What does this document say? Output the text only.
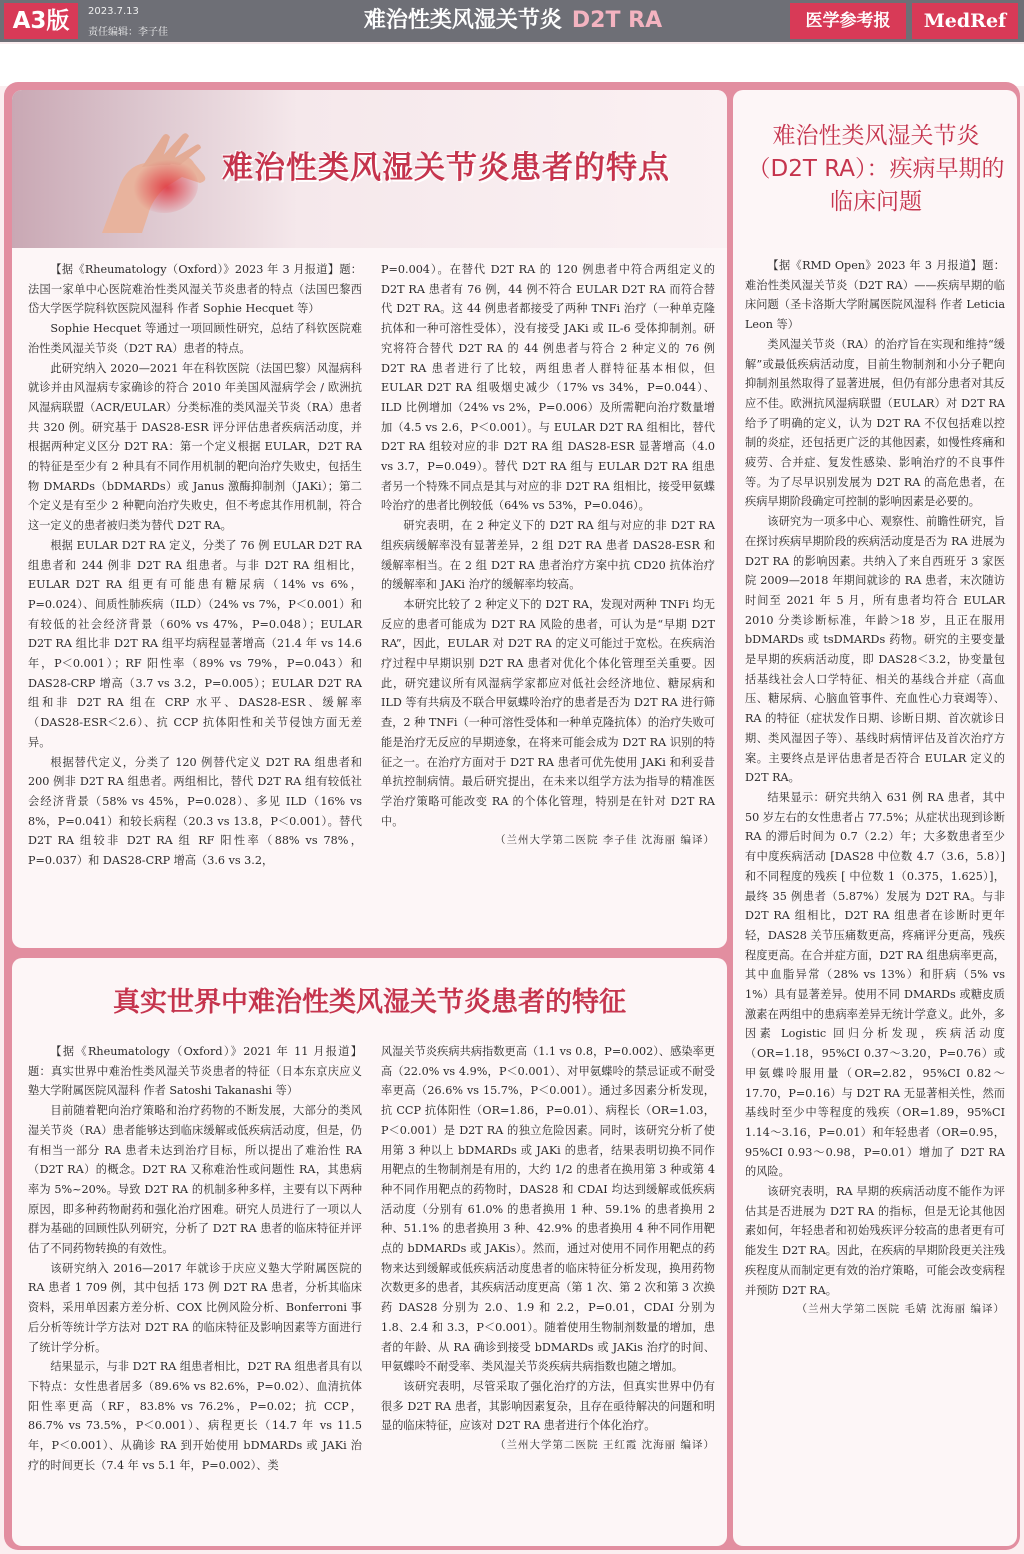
A3版	2023.7.13
责任编辑：李子佳	难治性类风湿关节炎 D2T RA	医学参考报	MedRef
难治性类风湿关节炎患者的特点

【据《Rheumatology（Oxford）》2023 年 3 月报道】题：法国一家单中心医院难治性类风湿关节炎患者的特点（法国巴黎西岱大学医学院科钦医院风湿科 作者 Sophie Hecquet 等）

Sophie Hecquet 等通过一项回顾性研究，总结了科钦医院难治性类风湿关节炎（D2T RA）患者的特点。

此研究纳入 2020—2021 年在科钦医院（法国巴黎）风湿病科就诊并由风湿病专家确诊的符合 2010 年美国风湿病学会 / 欧洲抗风湿病联盟（ACR/EULAR）分类标准的类风湿关节炎（RA）患者共 320 例。研究基于 DAS28-ESR 评分评估患者疾病活动度，并根据两种定义区分 D2T RA：第一个定义根据 EULAR，D2T RA 的特征是至少有 2 种具有不同作用机制的靶向治疗失败史，包括生物 DMARDs（bDMARDs）或 Janus 激酶抑制剂（JAKi）；第二个定义是有至少 2 种靶向治疗失败史，但不考虑其作用机制，符合这一定义的患者被归类为替代 D2T RA。

根据 EULAR D2T RA 定义，分类了 76 例 EULAR D2T RA 组患者和 244 例非 D2T RA 组患者。与非 D2T RA 组相比，EULAR D2T RA 组更有可能患有糖尿病（14% vs 6%，P=0.024）、间质性肺疾病（ILD）（24% vs 7%，P＜0.001）和有较低的社会经济背景（60% vs 47%，P=0.048）；EULAR D2T RA 组比非 D2T RA 组平均病程显著增高（21.4 年 vs 14.6 年，P＜0.001）；RF 阳性率（89% vs 79%，P=0.043）和 DAS28-CRP 增高（3.7 vs 3.2，P=0.005）；EULAR D2T RA 组和非 D2T RA 组在 CRP 水平、DAS28-ESR、缓解率（DAS28-ESR＜2.6）、抗 CCP 抗体阳性和关节侵蚀方面无差异。

根据替代定义，分类了 120 例替代定义 D2T RA 组患者和 200 例非 D2T RA 组患者。两组相比，替代 D2T RA 组有较低社会经济背景（58% vs 45%，P=0.028）、多见 ILD（16% vs 8%，P=0.041）和较长病程（20.3 vs 13.8，P＜0.001）。替代 D2T RA 组较非 D2T RA 组 RF 阳性率（88% vs 78%，P=0.037）和 DAS28-CRP 增高（3.6 vs 3.2，

P=0.004）。在替代 D2T RA 的 120 例患者中符合两组定义的 D2T RA 患者有 76 例，44 例不符合 EULAR D2T RA 而符合替代 D2T RA。这 44 例患者都接受了两种 TNFi 治疗（一种单克隆抗体和一种可溶性受体），没有接受 JAKi 或 IL-6 受体抑制剂。研究将符合替代 D2T RA 的 44 例患者与符合 2 种定义的 76 例 D2T RA 患者进行了比较，两组患者人群特征基本相似，但 EULAR D2T RA 组吸烟史减少（17% vs 34%，P=0.044）、ILD 比例增加（24% vs 2%，P=0.006）及所需靶向治疗数量增加（4.5 vs 2.6，P＜0.001）。与 EULAR D2T RA 组相比，替代 D2T RA 组较对应的非 D2T RA 组 DAS28-ESR 显著增高（4.0 vs 3.7，P=0.049）。替代 D2T RA 组与 EULAR D2T RA 组患者另一个特殊不同点是其与对应的非 D2T RA 组相比，接受甲氨蝶呤治疗的患者比例较低（64% vs 53%，P=0.046）。

研究表明，在 2 种定义下的 D2T RA 组与对应的非 D2T RA 组疾病缓解率没有显著差异，2 组 D2T RA 患者 DAS28-ESR 和缓解率相当。在 2 组 D2T RA 患者治疗方案中抗 CD20 抗体治疗的缓解率和 JAKi 治疗的缓解率均较高。

本研究比较了 2 种定义下的 D2T RA，发现对两种 TNFi 均无反应的患者可能成为 D2T RA 风险的患者，可认为是“早期 D2T RA”，因此，EULAR 对 D2T RA 的定义可能过于宽松。在疾病治疗过程中早期识别 D2T RA 患者对优化个体化管理至关重要。因此，研究建议所有风湿病学家都应对低社会经济地位、糖尿病和 ILD 等有共病及不联合甲氨蝶呤治疗的患者是否为 D2T RA 进行筛查，2 种 TNFi（一种可溶性受体和一种单克隆抗体）的治疗失败可能是治疗无反应的早期迹象，在将来可能会成为 D2T RA 识别的特征之一。在治疗方面对于 D2T RA 患者可优先使用 JAKi 和利妥昔单抗控制病情。最后研究提出，在未来以组学方法为指导的精准医学治疗策略可能改变 RA 的个体化管理，特别是在针对 D2T RA 中。

（兰州大学第二医院 李子佳 沈海丽 编译）
真实世界中难治性类风湿关节炎患者的特征

【据《Rheumatology（Oxford）》2021 年 11 月报道】题：真实世界中难治性类风湿关节炎患者的特征（日本东京庆应义塾大学附属医院风湿科 作者 Satoshi Takanashi 等）

目前随着靶向治疗策略和治疗药物的不断发展，大部分的类风湿关节炎（RA）患者能够达到临床缓解或低疾病活动度，但是，仍有相当一部分 RA 患者未达到治疗目标，所以提出了难治性 RA（D2T RA）的概念。D2T RA 又称难治性或问题性 RA，其患病率为 5%~20%。导致 D2T RA 的机制多种多样，主要有以下两种原因，即多种药物耐药和强化治疗困难。研究人员进行了一项以人群为基础的回顾性队列研究，分析了 D2T RA 患者的临床特征并评估了不同药物转换的有效性。

该研究纳入 2016—2017 年就诊于庆应义塾大学附属医院的 RA 患者 1 709 例，其中包括 173 例 D2T RA 患者，分析其临床资料，采用单因素方差分析、COX 比例风险分析、Bonferroni 事后分析等统计学方法对 D2T RA 的临床特征及影响因素等方面进行了统计学分析。

结果显示，与非 D2T RA 组患者相比，D2T RA 组患者具有以下特点：女性患者居多（89.6% vs 82.6%，P=0.02）、血清抗体阳性率更高（RF，83.8% vs 76.2%，P=0.02；抗 CCP，86.7% vs 73.5%，P＜0.001）、病程更长（14.7 年 vs 11.5 年，P＜0.001）、从确诊 RA 到开始使用 bDMARDs 或 JAKi 治疗的时间更长（7.4 年 vs 5.1 年，P=0.002）、类

风湿关节炎疾病共病指数更高（1.1 vs 0.8，P=0.002）、感染率更高（22.0% vs 4.9%，P＜0.001）、对甲氨蝶呤的禁忌证或不耐受率更高（26.6% vs 15.7%，P＜0.001）。通过多因素分析发现，抗 CCP 抗体阳性（OR=1.86，P=0.01）、病程长（OR=1.03，P＜0.001）是 D2T RA 的独立危险因素。同时，该研究分析了使用第 3 种以上 bDMARDs 或 JAKi 的患者，结果表明切换不同作用靶点的生物制剂是有用的，大约 1/2 的患者在换用第 3 种或第 4 种不同作用靶点的药物时，DAS28 和 CDAI 均达到缓解或低疾病活动度（分别有 61.0% 的患者换用 1 种、59.1% 的患者换用 2 种、51.1% 的患者换用 3 种、42.9% 的患者换用 4 种不同作用靶点的 bDMARDs 或 JAKis）。然而，通过对使用不同作用靶点的药物来达到缓解或低疾病活动度患者的临床特征分析发现，换用药物次数更多的患者，其疾病活动度更高（第 1 次、第 2 次和第 3 次换药 DAS28 分别为 2.0、1.9 和 2.2，P=0.01，CDAI 分别为 1.8、2.4 和 3.3，P＜0.001）。随着使用生物制剂数量的增加，患者的年龄、从 RA 确诊到接受 bDMARDs 或 JAKis 治疗的时间、甲氨蝶呤不耐受率、类风湿关节炎疾病共病指数也随之增加。

该研究表明，尽管采取了强化治疗的方法，但真实世界中仍有很多 D2T RA 患者，其影响因素复杂，且存在亟待解决的问题和明显的临床特征，应该对 D2T RA 患者进行个体化治疗。

（兰州大学第二医院 王红霞 沈海丽 编译）
难治性类风湿关节炎（D2T RA）：疾病早期的临床问题

【据《RMD Open》2023 年 3 月报道】题：难治性类风湿关节炎（D2T RA）——疾病早期的临床问题（圣卡洛斯大学附属医院风湿科 作者 Leticia Leon 等）

类风湿关节炎（RA）的治疗旨在实现和维持“缓解”或最低疾病活动度，目前生物制剂和小分子靶向抑制剂虽然取得了显著进展，但仍有部分患者对其反应不佳。欧洲抗风湿病联盟（EULAR）对 D2T RA 给予了明确的定义，认为 D2T RA 不仅包括难以控制的炎症，还包括更广泛的其他因素，如慢性疼痛和疲劳、合并症、复发性感染、影响治疗的不良事件等。为了尽早识别发展为 D2T RA 的高危患者，在疾病早期阶段确定可控制的影响因素是必要的。

该研究为一项多中心、观察性、前瞻性研究，旨在探讨疾病早期阶段的疾病活动度是否为 RA 进展为 D2T RA 的影响因素。共纳入了来自西班牙 3 家医院 2009—2018 年期间就诊的 RA 患者，末次随访时间至 2021 年 5 月，所有患者均符合 EULAR 2010 分类诊断标准，年龄＞18 岁，且正在服用 bDMARDs 或 tsDMARDs 药物。研究的主要变量是早期的疾病活动度，即 DAS28＜3.2，协变量包括基线社会人口学特征、相关的基线合并症（高血压、糖尿病、心脑血管事件、充血性心力衰竭等）、RA 的特征（症状发作日期、诊断日期、首次就诊日期、类风湿因子等）、基线时病情评估及首次治疗方案。主要终点是评估患者是否符合 EULAR 定义的 D2T RA。

结果显示：研究共纳入 631 例 RA 患者，其中 50 岁左右的女性患者占 77.5%；从症状出现到诊断 RA 的滞后时间为 0.7（2.2）年；大多数患者至少有中度疾病活动 [DAS28 中位数 4.7（3.6，5.8）] 和不同程度的残疾 [ 中位数 1（0.375，1.625）]，最终 35 例患者（5.87%）发展为 D2T RA。与非 D2T RA 组相比，D2T RA 组患者在诊断时更年轻，DAS28 关节压痛数更高，疼痛评分更高，残疾程度更高。在合并症方面，D2T RA 组患病率更高，其中血脂异常（28% vs 13%）和肝病（5% vs 1%）具有显著差异。使用不同 DMARDs 或糖皮质激素在两组中的患病率差异无统计学意义。此外，多因素 Logistic 回归分析发现，疾病活动度（OR=1.18，95%CI 0.37～3.20，P=0.76）或甲氨蝶呤服用量（OR=2.82，95%CI 0.82～17.70，P=0.16）与 D2T RA 无显著相关性，然而基线时至少中等程度的残疾（OR=1.89，95%CI 1.14～3.16，P=0.01）和年轻患者（OR=0.95，95%CI 0.93～0.98，P=0.01）增加了 D2T RA 的风险。

该研究表明，RA 早期的疾病活动度不能作为评估其是否进展为 D2T RA 的指标，但是无论其他因素如何，年轻患者和初始残疾评分较高的患者更有可能发生 D2T RA。因此，在疾病的早期阶段更关注残疾程度从而制定更有效的治疗策略，可能会改变病程并预防 D2T RA。

（兰州大学第二医院 毛婧 沈海丽 编译）
